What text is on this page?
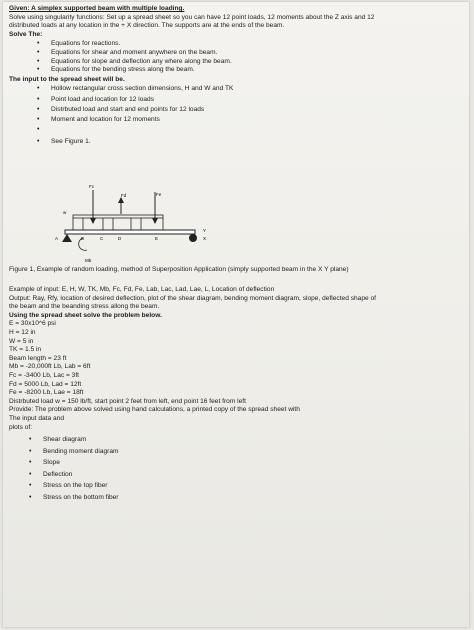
Given: A simplex supported beam with multiple loading.

Solve using singularity functions: Set up a spread sheet so you can have 12 point loads, 12 moments about the Z axis and 12

distributed loads at any location in the + X direction. The supports are at the ends of the beam.

Solve The:

• Equations for reactions.
• Equations for shear and moment anywhere on the beam.
• Equations for slope and deflection any where along the beam.
• Equations for the bending stress along the beam.

The input to the spread sheet will be.

• Hollow rectangular cross section dimensions, H and W and TK
• Point load and location for 12 loads
• Distrbuted load and start and end points for 12 loads
• Moment and location for 12 moments
•
• See Figure 1.
Fc
Fd	Fe
w
Mb
A	B	C	D	E
Y
X

Figure 1, Example of random loading, method of Superposition Application (simply supported beam in the X Y plane)

Example of input: E, H, W, TK, Mb, Fc, Fd, Fe, Lab, Lac, Lad, Lae, L, Location of deflection

Output: Ray, Rfy, location of desired deflection, plot of the shear diagram, bending moment diagram, slope, deflected shape of

the beam and the beanding stress allong the beam.

Using the spread sheet solve the problem below.

E = 30x10^6 psi

H = 12 in

W = 5 in

TK = 1.5 in

Beam length = 23 ft

Mb = -20,000ft Lb, Lab = 6ft

Fc = -3400 Lb, Lac = 3ft

Fd = 5000 Lb, Lad = 12ft

Fe = -8200 Lb, Lae = 18ft

Distrbuted load w = 150 lb/ft, start point 2 feet from left, end point 16 feet from left

Provide: The problem above solved using hand calculations, a printed copy of the spread sheet with

The input data and

plots of:

• Shear diagram
• Bending moment diagram
• Slope
• Deflection
• Stress on the top fiber
• Stress on the bottom fiber
